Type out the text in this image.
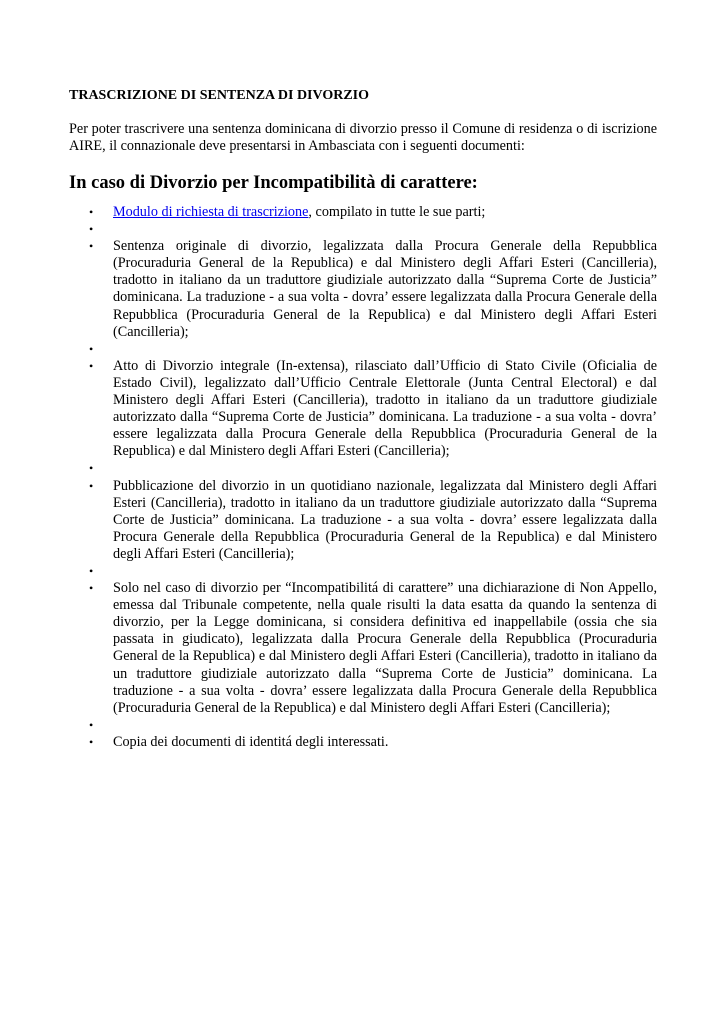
TRASCRIZIONE DI SENTENZA DI DIVORZIO
Per poter trascrivere una sentenza dominicana di divorzio presso il Comune di residenza o di iscrizione AIRE, il connazionale deve presentarsi in Ambasciata con i seguenti documenti:
In caso di Divorzio per Incompatibilità di carattere:
• Modulo di richiesta di trascrizione, compilato in tutte le sue parti;
•
• Sentenza originale di divorzio, legalizzata dalla Procura Generale della Repubblica (Procuraduria General de la Republica) e dal Ministero degli Affari Esteri (Cancilleria), tradotto in italiano da un traduttore giudiziale autorizzato dalla “Suprema Corte de Justicia” dominicana. La traduzione - a sua volta - dovra’ essere legalizzata dalla Procura Generale della Repubblica (Procuraduria General de la Republica) e dal Ministero degli Affari Esteri (Cancilleria);
•
• Atto di Divorzio integrale (In-extensa), rilasciato dall’Ufficio di Stato Civile (Oficialia de Estado Civil), legalizzato dall’Ufficio Centrale Elettorale (Junta Central Electoral) e dal Ministero degli Affari Esteri (Cancilleria), tradotto in italiano da un traduttore giudiziale autorizzato dalla “Suprema Corte de Justicia” dominicana. La traduzione - a sua volta - dovra’ essere legalizzata dalla Procura Generale della Repubblica (Procuraduria General de la Republica) e dal Ministero degli Affari Esteri (Cancilleria);
•
• Pubblicazione del divorzio in un quotidiano nazionale, legalizzata dal Ministero degli Affari Esteri (Cancilleria), tradotto in italiano da un traduttore giudiziale autorizzato dalla “Suprema Corte de Justicia” dominicana. La traduzione - a sua volta - dovra’ essere legalizzata dalla Procura Generale della Repubblica (Procuraduria General de la Republica) e dal Ministero degli Affari Esteri (Cancilleria);
•
• Solo nel caso di divorzio per “Incompatibilitá di carattere” una dichiarazione di Non Appello, emessa dal Tribunale competente, nella quale risulti la data esatta da quando la sentenza di divorzio, per la Legge dominicana, si considera definitiva ed inappellabile (ossia che sia passata in giudicato), legalizzata dalla Procura Generale della Repubblica (Procuraduria General de la Republica) e dal Ministero degli Affari Esteri (Cancilleria), tradotto in italiano da un traduttore giudiziale autorizzato dalla “Suprema Corte de Justicia” dominicana. La traduzione - a sua volta - dovra’ essere legalizzata dalla Procura Generale della Repubblica (Procuraduria General de la Republica) e dal Ministero degli Affari Esteri (Cancilleria);
•
• Copia dei documenti di identitá degli interessati.
